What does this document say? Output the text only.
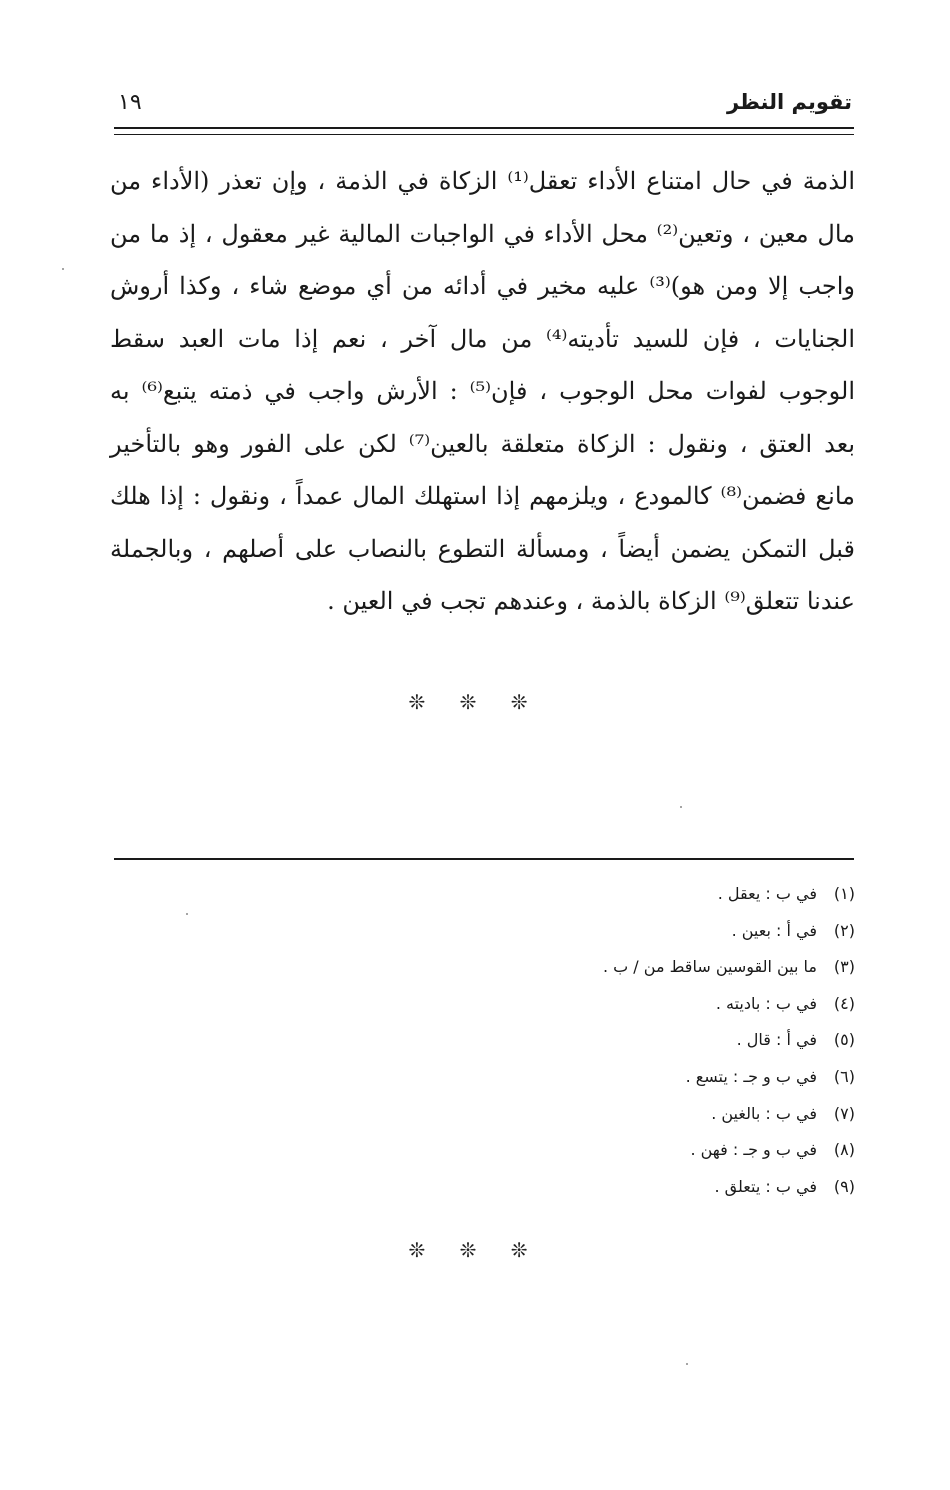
تقويم النظر
١٩

الذمة في حال امتناع الأداء تعقل⁽¹⁾ الزكاة في الذمة ، وإن تعذر (الأداء من
مال معين ، وتعين⁽²⁾ محل الأداء في الواجبات المالية غير معقول ، إذ ما من
واجب إلا ومن هو)⁽³⁾ عليه مخير في أدائه من أي موضع شاء ، وكذا أروش
الجنايات ، فإن للسيد تأديته⁽⁴⁾ من مال آخر ، نعم إذا مات العبد سقط
الوجوب لفوات محل الوجوب ، فإن⁽⁵⁾ : الأرش واجب في ذمته يتبع⁽⁶⁾ به
بعد العتق ، ونقول : الزكاة متعلقة بالعين⁽⁷⁾ لكن على الفور وهو بالتأخير
مانع فضمن⁽⁸⁾ كالمودع ، ويلزمهم إذا استهلك المال عمداً ، ونقول : إذا هلك
قبل التمكن يضمن أيضاً ، ومسألة التطوع بالنصاب على أصلهم ، وبالجملة
عندنا تتعلق⁽⁹⁾ الزكاة بالذمة ، وعندهم تجب في العين .

❊ ❊ ❊
(١)في ب : يعقل .
(٢)في أ : بعين .
(٣)ما بين القوسين ساقط من / ب .
(٤)في ب : باديته .
(٥)في أ : قال .
(٦)في ب و جـ : يتسع .
(٧)في ب : بالغين .
(٨)في ب و جـ : فهن .
(٩)في ب : يتعلق .
❊ ❊ ❊
